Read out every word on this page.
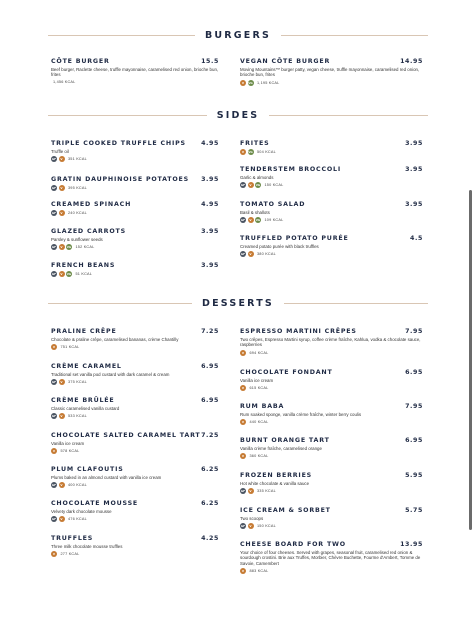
BURGERS
SIDES
DESSERTS
CÔTE BURGER	15.5
Beef burger, Raclette cheese, truffle mayonnaise, caramelised red onion, brioche bun, frites
1,456 KCAL
VEGAN CÔTE BURGER	14.95
Moving Mountains™ burger patty, vegan cheese, truffle mayonnaise, caramelised red onion, brioche bun, frites
V	VG 1,195 KCAL
TRIPLE COOKED TRUFFLE CHIPS 4.95
Truffle oil
GF	V	351 KCAL
GRATIN DAUPHINOISE POTATOES 3.95
GF	V	395 KCAL
CREAMED SPINACH	4.95
GF	V	240 KCAL
GLAZED CARROTS	3.95
Parsley & sunflower seeds
GF	V	VG 152 KCAL
FRENCH BEANS	3.95
GF	V	VG 51 KCAL
FRITES	3.95
V	VG 504 KCAL
TENDERSTEM BROCCOLI	3.95
Garlic & almonds
GF	V	VG 150 KCAL
TOMATO SALAD	3.95
Basil & shallots
GF	V	VG 109 KCAL
TRUFFLED POTATO PURÉE	4.5
Creamed potato purée with black truffles
GF	V	380 KCAL
PRALINE CRÊPE	7.25
Chocolate & praline crêpe, caramelised bananas, crème Chantilly
V	751 KCAL
CRÈME CARAMEL	6.95
Traditional set vanilla pod custard with dark caramel & cream
GF	V	375 KCAL
CRÈME BRÛLÉE	6.95
Classic caramelised vanilla custard
GF	V	533 KCAL
CHOCOLATE SALTED CARAMEL TART 7.25
Vanilla ice cream
V	578 KCAL
PLUM CLAFOUTIS	6.25
Plums baked in an almond custard with vanilla ice cream
GF	V	400 KCAL
CHOCOLATE MOUSSE	6.25
Velvety dark chocolate mousse
GF	V	476 KCAL
TRUFFLES	4.25
Three milk chocolate mousse truffles
V	277 KCAL
ESPRESSO MARTINI CRÊPES	7.95
Two crêpes, Espresso Martini syrup, coffee crème fraîche, Kahlua, vodka & chocolate sauce, raspberries
V	694 KCAL
CHOCOLATE FONDANT	6.95
Vanilla ice cream
V	615 KCAL
RUM BABA	7.95
Rum soaked sponge, vanilla crème fraîche, winter berry coulis
V	440 KCAL
BURNT ORANGE TART	6.95
Vanilla crème fraîche, caramelised orange
V	360 KCAL
FROZEN BERRIES	5.95
Hot white chocolate & vanilla sauce
GF	V	335 KCAL
ICE CREAM & SORBET	5.75
Two scoops
GF	V	150 KCAL
CHEESE BOARD FOR TWO	13.95
Your choice of four cheeses. Served with grapes, seasonal fruit, caramelised red onion & sourdough crostini. Brie aux Truffes, Morbier, Chèvre Buchette, Fourme d'Ambert, Tomme de Savoie, Camembert
V	883 KCAL
